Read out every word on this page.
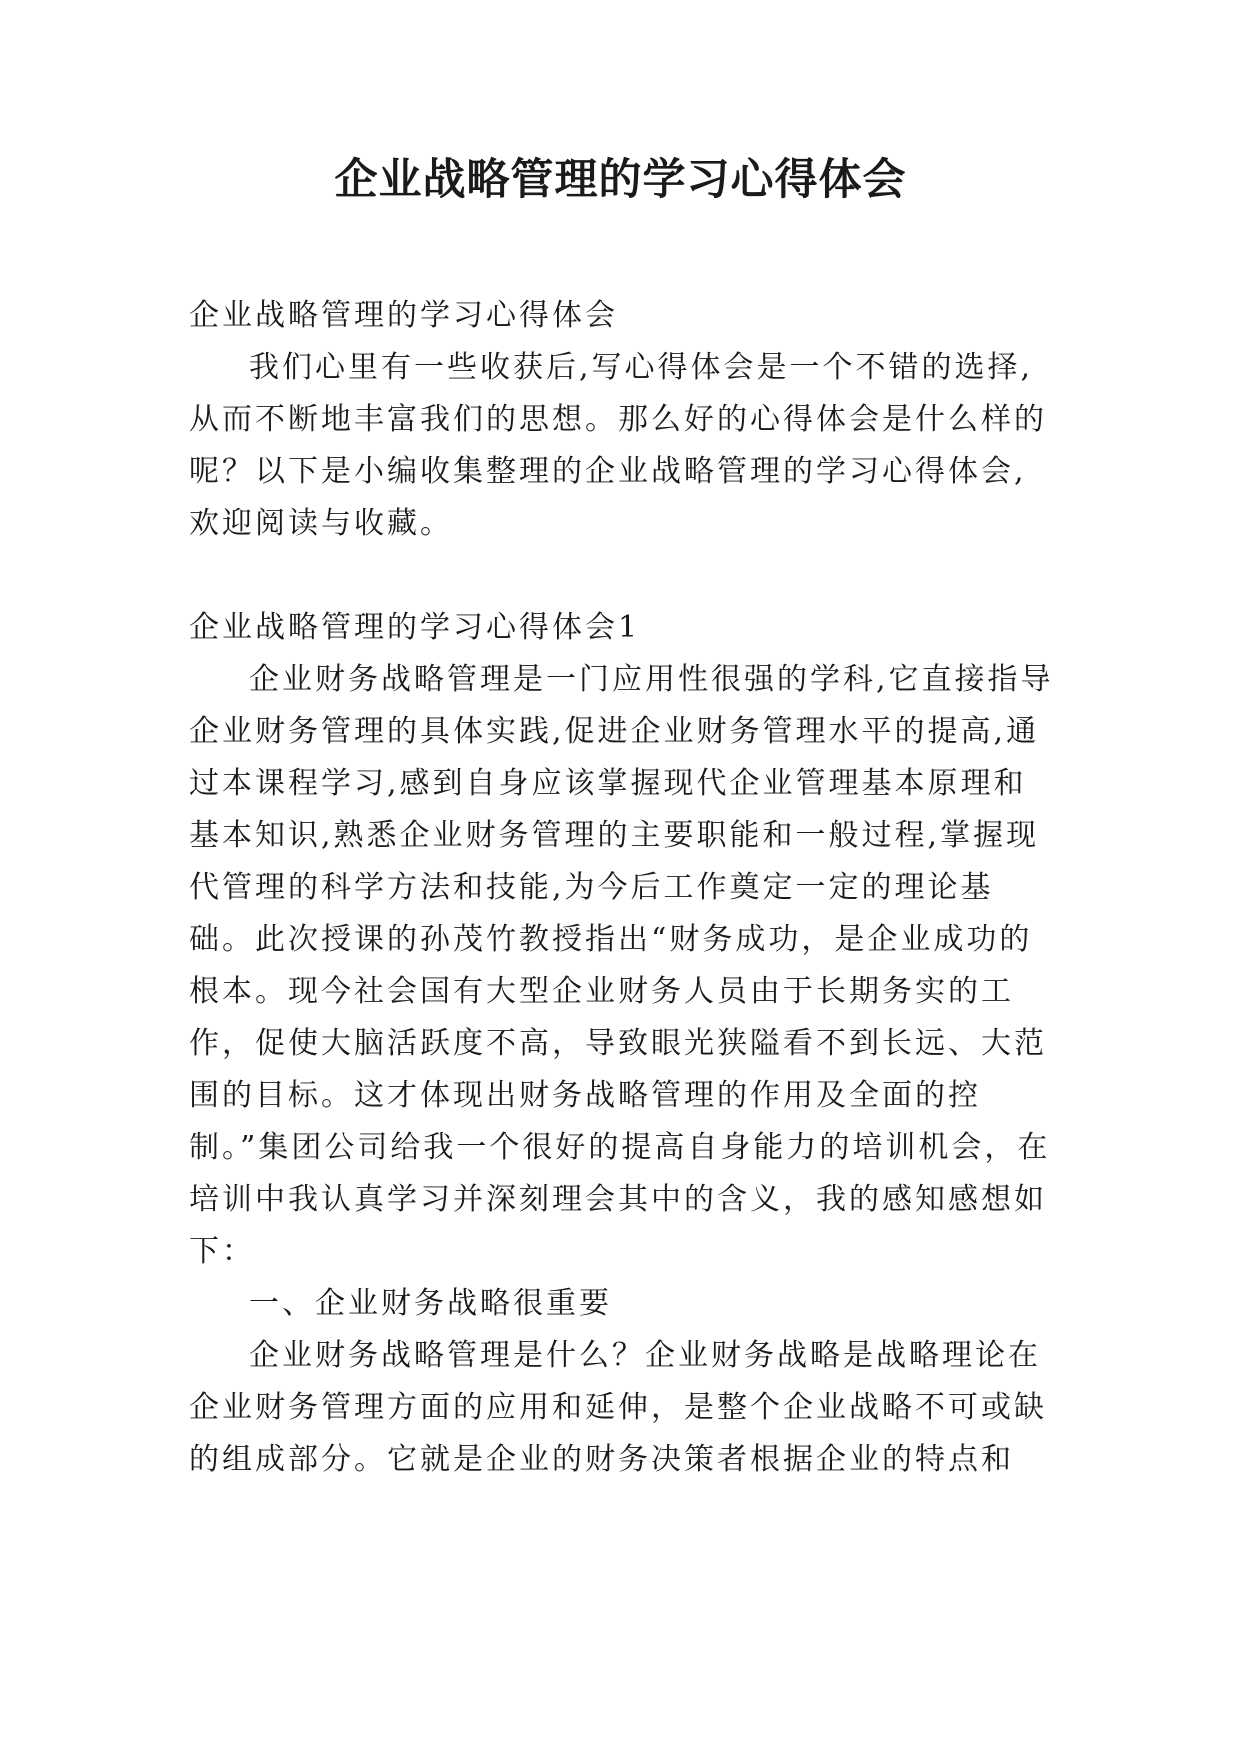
企业战略管理的学习心得体会

企业战略管理的学习心得体会

我们心里有一些收获后,写心得体会是一个不错的选择,从而不断地丰富我们的思想。那么好的心得体会是什么样的呢？以下是小编收集整理的企业战略管理的学习心得体会,欢迎阅读与收藏。

企业战略管理的学习心得体会1

企业财务战略管理是一门应用性很强的学科,它直接指导企业财务管理的具体实践,促进企业财务管理水平的提高,通过本课程学习,感到自身应该掌握现代企业管理基本原理和基本知识,熟悉企业财务管理的主要职能和一般过程,掌握现代管理的科学方法和技能,为今后工作奠定一定的理论基础。此次授课的孙茂竹教授指出“财务成功，是企业成功的根本。现今社会国有大型企业财务人员由于长期务实的工作，促使大脑活跃度不高，导致眼光狭隘看不到长远、大范围的目标。这才体现出财务战略管理的作用及全面的控制。”集团公司给我一个很好的提高自身能力的培训机会，在培训中我认真学习并深刻理会其中的含义，我的感知感想如下：

一、企业财务战略很重要

企业财务战略管理是什么？企业财务战略是战略理论在企业财务管理方面的应用和延伸，是整个企业战略不可或缺的组成部分。它就是企业的财务决策者根据企业的特点和
